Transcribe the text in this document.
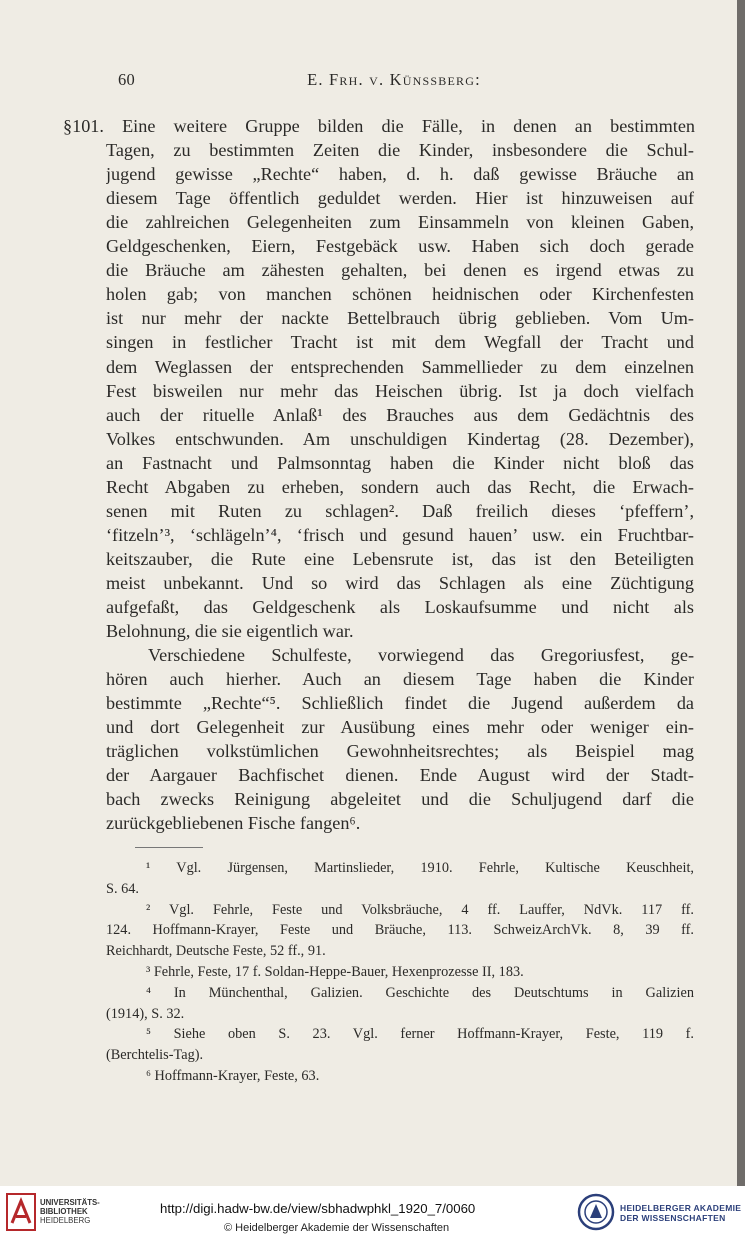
60	E. Frh. v. Künssberg:
§101. Eine weitere Gruppe bilden die Fälle, in denen an bestimmten
Tagen, zu bestimmten Zeiten die Kinder, insbesondere die Schul-
jugend gewisse „Rechte“ haben, d. h. daß gewisse Bräuche an
diesem Tage öffentlich geduldet werden. Hier ist hinzuweisen auf
die zahlreichen Gelegenheiten zum Einsammeln von kleinen Gaben,
Geldgeschenken, Eiern, Festgebäck usw. Haben sich doch gerade
die Bräuche am zähesten gehalten, bei denen es irgend etwas zu
holen gab; von manchen schönen heidnischen oder Kirchenfesten
ist nur mehr der nackte Bettelbrauch übrig geblieben. Vom Um-
singen in festlicher Tracht ist mit dem Wegfall der Tracht und
dem Weglassen der entsprechenden Sammellieder zu dem einzelnen
Fest bisweilen nur mehr das Heischen übrig. Ist ja doch vielfach
auch der rituelle Anlaß¹ des Brauches aus dem Gedächtnis des
Volkes entschwunden. Am unschuldigen Kindertag (28. Dezember),
an Fastnacht und Palmsonntag haben die Kinder nicht bloß das
Recht Abgaben zu erheben, sondern auch das Recht, die Erwach-
senen mit Ruten zu schlagen². Daß freilich dieses ‘pfeffern’,
‘fitzeln’³, ‘schlägeln’⁴, ‘frisch und gesund hauen’ usw. ein Fruchtbar-
keitszauber, die Rute eine Lebensrute ist, das ist den Beteiligten
meist unbekannt. Und so wird das Schlagen als eine Züchtigung
aufgefaßt, das Geldgeschenk als Loskaufsumme und nicht als
Belohnung, die sie eigentlich war.
Verschiedene Schulfeste, vorwiegend das Gregoriusfest, ge-
hören auch hierher. Auch an diesem Tage haben die Kinder
bestimmte „Rechte“⁵. Schließlich findet die Jugend außerdem da
und dort Gelegenheit zur Ausübung eines mehr oder weniger ein-
träglichen volkstümlichen Gewohnheitsrechtes; als Beispiel mag
der Aargauer Bachfischet dienen. Ende August wird der Stadt-
bach zwecks Reinigung abgeleitet und die Schuljugend darf die
zurückgebliebenen Fische fangen⁶.
¹ Vgl. Jürgensen, Martinslieder, 1910. Fehrle, Kultische Keuschheit,
S. 64.
² Vgl. Fehrle, Feste und Volksbräuche, 4 ff. Lauffer, NdVk. 117 ff.
124. Hoffmann-Krayer, Feste und Bräuche, 113. SchweizArchVk. 8, 39 ff.
Reichhardt, Deutsche Feste, 52 ff., 91.
³ Fehrle, Feste, 17 f. Soldan-Heppe-Bauer, Hexenprozesse II, 183.
⁴ In Münchenthal, Galizien. Geschichte des Deutschtums in Galizien
(1914), S. 32.
⁵ Siehe oben S. 23. Vgl. ferner Hoffmann-Krayer, Feste, 119 f.
(Berchtelis-Tag).
⁶ Hoffmann-Krayer, Feste, 63.
UNIVERSITÄTS-
BIBLIOTHEK
HEIDELBERG
http://digi.hadw-bw.de/view/sbhadwphkl_1920_7/0060
© Heidelberger Akademie der Wissenschaften
HEIDELBERGER AKADEMIE
DER WISSENSCHAFTEN
